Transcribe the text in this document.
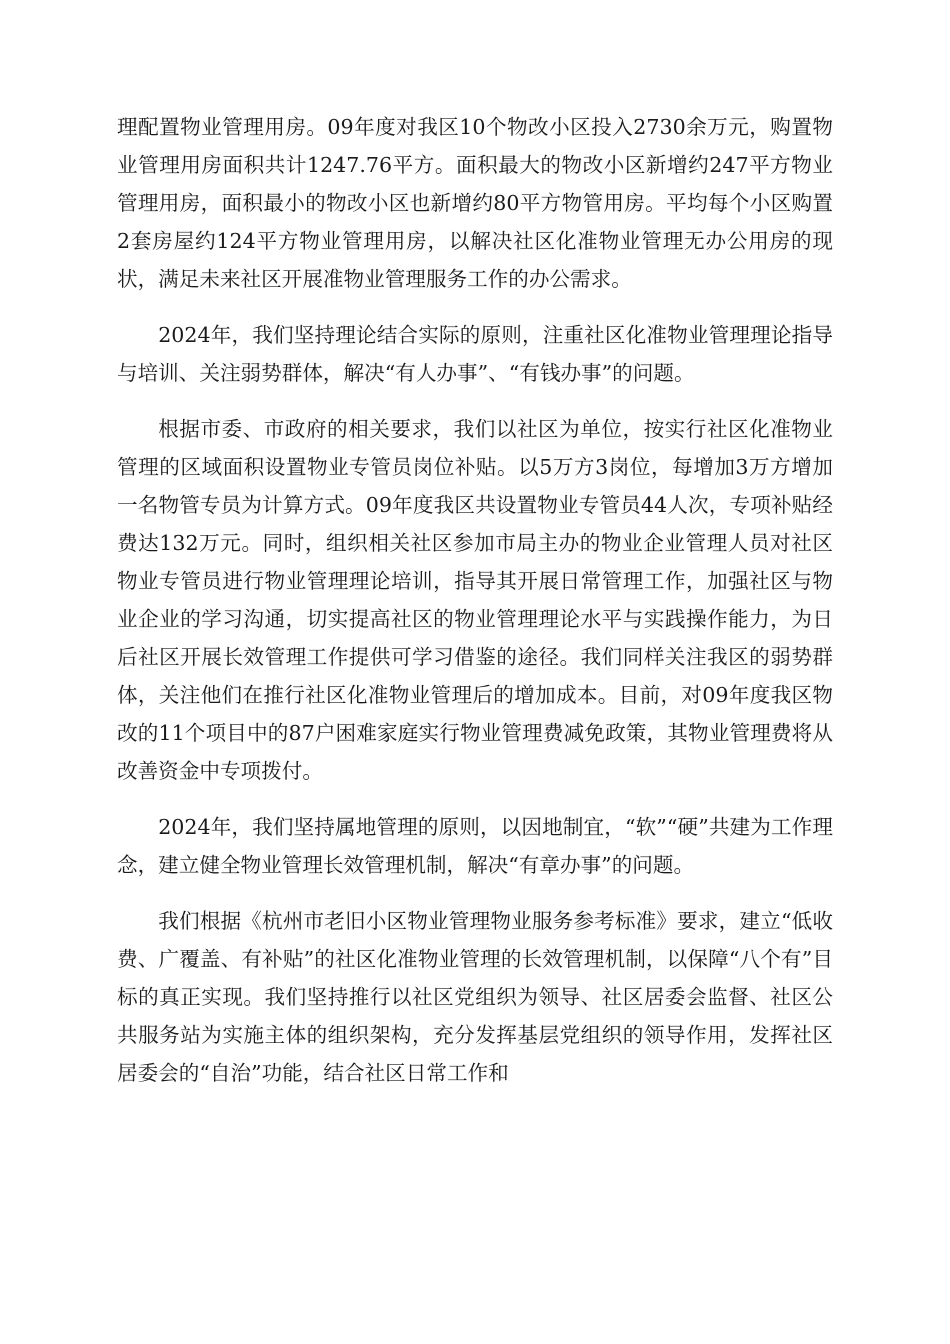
理配置物业管理用房。09年度对我区10个物改小区投入2730余万元，购置物业管理用房面积共计1247.76平方。面积最大的物改小区新增约247平方物业管理用房，面积最小的物改小区也新增约80平方物管用房。平均每个小区购置2套房屋约124平方物业管理用房，以解决社区化准物业管理无办公用房的现状，满足未来社区开展准物业管理服务工作的办公需求。

2024年，我们坚持理论结合实际的原则，注重社区化准物业管理理论指导与培训、关注弱势群体，解决“有人办事”、“有钱办事”的问题。

根据市委、市政府的相关要求，我们以社区为单位，按实行社区化准物业管理的区域面积设置物业专管员岗位补贴。以5万方3岗位，每增加3万方增加一名物管专员为计算方式。09年度我区共设置物业专管员44人次，专项补贴经费达132万元。同时，组织相关社区参加市局主办的物业企业管理人员对社区物业专管员进行物业管理理论培训，指导其开展日常管理工作，加强社区与物业企业的学习沟通，切实提高社区的物业管理理论水平与实践操作能力，为日后社区开展长效管理工作提供可学习借鉴的途径。我们同样关注我区的弱势群体，关注他们在推行社区化准物业管理后的增加成本。目前，对09年度我区物改的11个项目中的87户困难家庭实行物业管理费减免政策，其物业管理费将从改善资金中专项拨付。

2024年，我们坚持属地管理的原则，以因地制宜，“软”“硬”共建为工作理念，建立健全物业管理长效管理机制，解决“有章办事”的问题。

我们根据《杭州市老旧小区物业管理物业服务参考标准》要求，建立“低收费、广覆盖、有补贴”的社区化准物业管理的长效管理机制，以保障“八个有”目标的真正实现。我们坚持推行以社区党组织为领导、社区居委会监督、社区公共服务站为实施主体的组织架构，充分发挥基层党组织的领导作用，发挥社区居委会的“自治”功能，结合社区日常工作和
